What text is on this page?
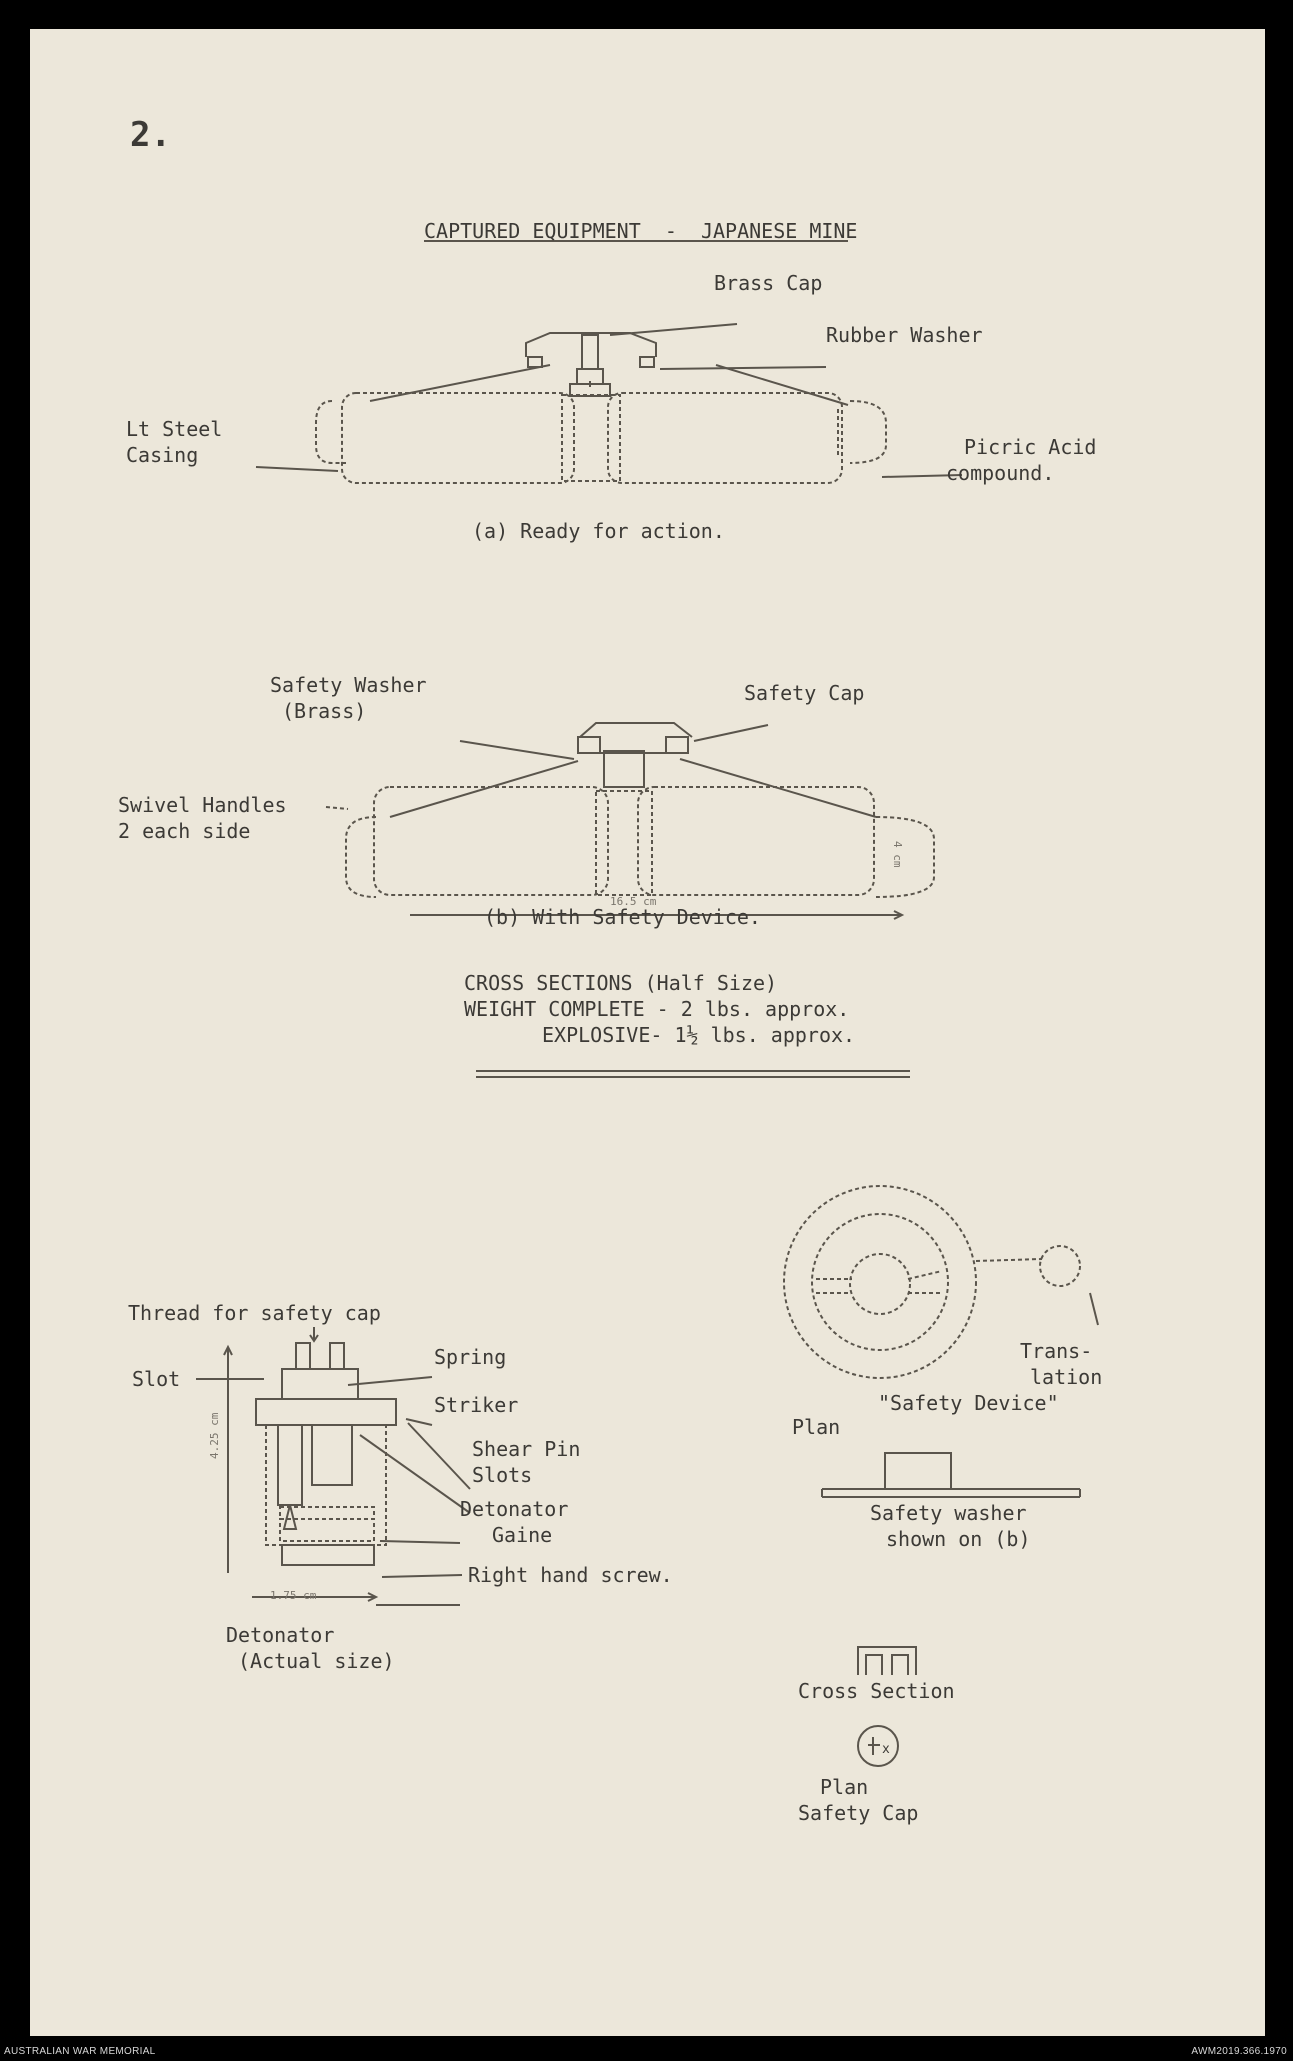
x
2.
CAPTURED EQUIPMENT  -  JAPANESE MINE
Brass Cap
Rubber Washer
Lt Steel
Casing	Picric Acid
compound.
(a) Ready for action.
Safety Washer
(Brass)
Safety Cap
Swivel Handles
2 each side
16.5 cm
4 cm
(b) With Safety Device.
CROSS SECTIONS (Half Size)
WEIGHT COMPLETE - 2 lbs. approx.
EXPLOSIVE- 1½ lbs. approx.
Thread for safety cap
Slot
Spring
Striker
Shear Pin
Slots
Detonator
Gaine
Right hand screw.
4.25 cm
1.75 cm
Detonator
(Actual size)
Trans-
lation
"Safety Device"
Plan
Safety washer
shown on (b)
Cross Section
Plan
Safety Cap
AUSTRALIAN WAR MEMORIAL	AWM2019.366.1970
